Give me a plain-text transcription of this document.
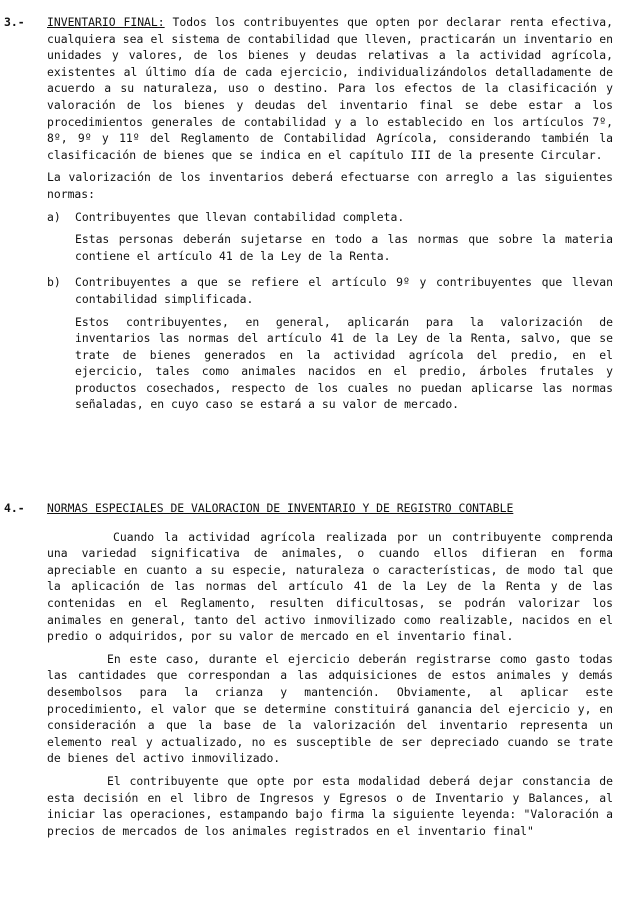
3.- INVENTARIO FINAL: Todos los contribuyentes que opten por declarar renta efectiva, cualquiera sea el sistema de contabilidad que lleven, practicarán un inventario en unidades y valores, de los bienes y deudas relativas a la actividad agrícola, existentes al último día de cada ejercicio, individualizándolos detalladamente de acuerdo a su naturaleza, uso o destino. Para los efectos de la clasificación y valoración de los bienes y deudas del inventario final se debe estar a los procedimientos generales de contabilidad y a lo establecido en los artículos 7º, 8º, 9º y 11º del Reglamento de Contabilidad Agrícola, considerando también la clasificación de bienes que se indica en el capítulo III de la presente Circular.

La valorización de los inventarios deberá efectuarse con arreglo a las siguientes normas:

a)	Contribuyentes que llevan contabilidad completa.

Estas personas deberán sujetarse en todo a las normas que sobre la materia contiene el artículo 41 de la Ley de la Renta.

b)	Contribuyentes a que se refiere el artículo 9º y contribuyentes que llevan contabilidad simplificada.

Estos contribuyentes, en general, aplicarán para la valorización de inventarios las normas del artículo 41 de la Ley de la Renta, salvo, que se trate de bienes generados en la actividad agrícola del predio, en el ejercicio, tales como animales nacidos en el predio, árboles frutales y productos cosechados, respecto de los cuales no puedan aplicarse las normas señaladas, en cuyo caso se estará a su valor de mercado.

4.- NORMAS ESPECIALES DE VALORACION DE INVENTARIO Y DE REGISTRO CONTABLE

Cuando la actividad agrícola realizada por un contribuyente comprenda una variedad significativa de animales, o cuando ellos difieran en forma apreciable en cuanto a su especie, naturaleza o características, de modo tal que la aplicación de las normas del artículo 41 de la Ley de la Renta y de las contenidas en el Reglamento, resulten dificultosas, se podrán valorizar los animales en general, tanto del activo inmovilizado como realizable, nacidos en el predio o adquiridos, por su valor de mercado en el inventario final.

En este caso, durante el ejercicio deberán registrarse como gasto todas las cantidades que correspondan a las adquisiciones de estos animales y demás desembolsos para la crianza y mantención. Obviamente, al aplicar este procedimiento, el valor que se determine constituirá ganancia del ejercicio y, en consideración a que la base de la valorización del inventario representa un elemento real y actualizado, no es susceptible de ser depreciado cuando se trate de bienes del activo inmovilizado.

El contribuyente que opte por esta modalidad deberá dejar constancia de esta decisión en el libro de Ingresos y Egresos o de Inventario y Balances, al iniciar las operaciones, estampando bajo firma la siguiente leyenda: "Valoración a precios de mercados de los animales registrados en el inventario final"
